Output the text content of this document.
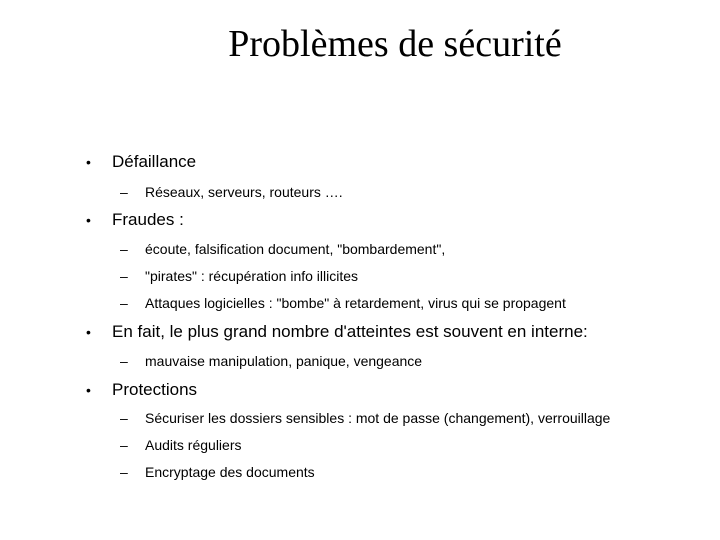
Problèmes de sécurité
• Défaillance
– Réseaux, serveurs, routeurs ….
• Fraudes :
– écoute, falsification document, "bombardement",
– "pirates" : récupération info illicites
– Attaques logicielles : "bombe" à retardement, virus qui se propagent
• En fait, le plus grand nombre d'atteintes est souvent en interne:
– mauvaise manipulation, panique, vengeance
• Protections
– Sécuriser les dossiers sensibles : mot de passe (changement), verrouillage
– Audits réguliers
– Encryptage des documents
